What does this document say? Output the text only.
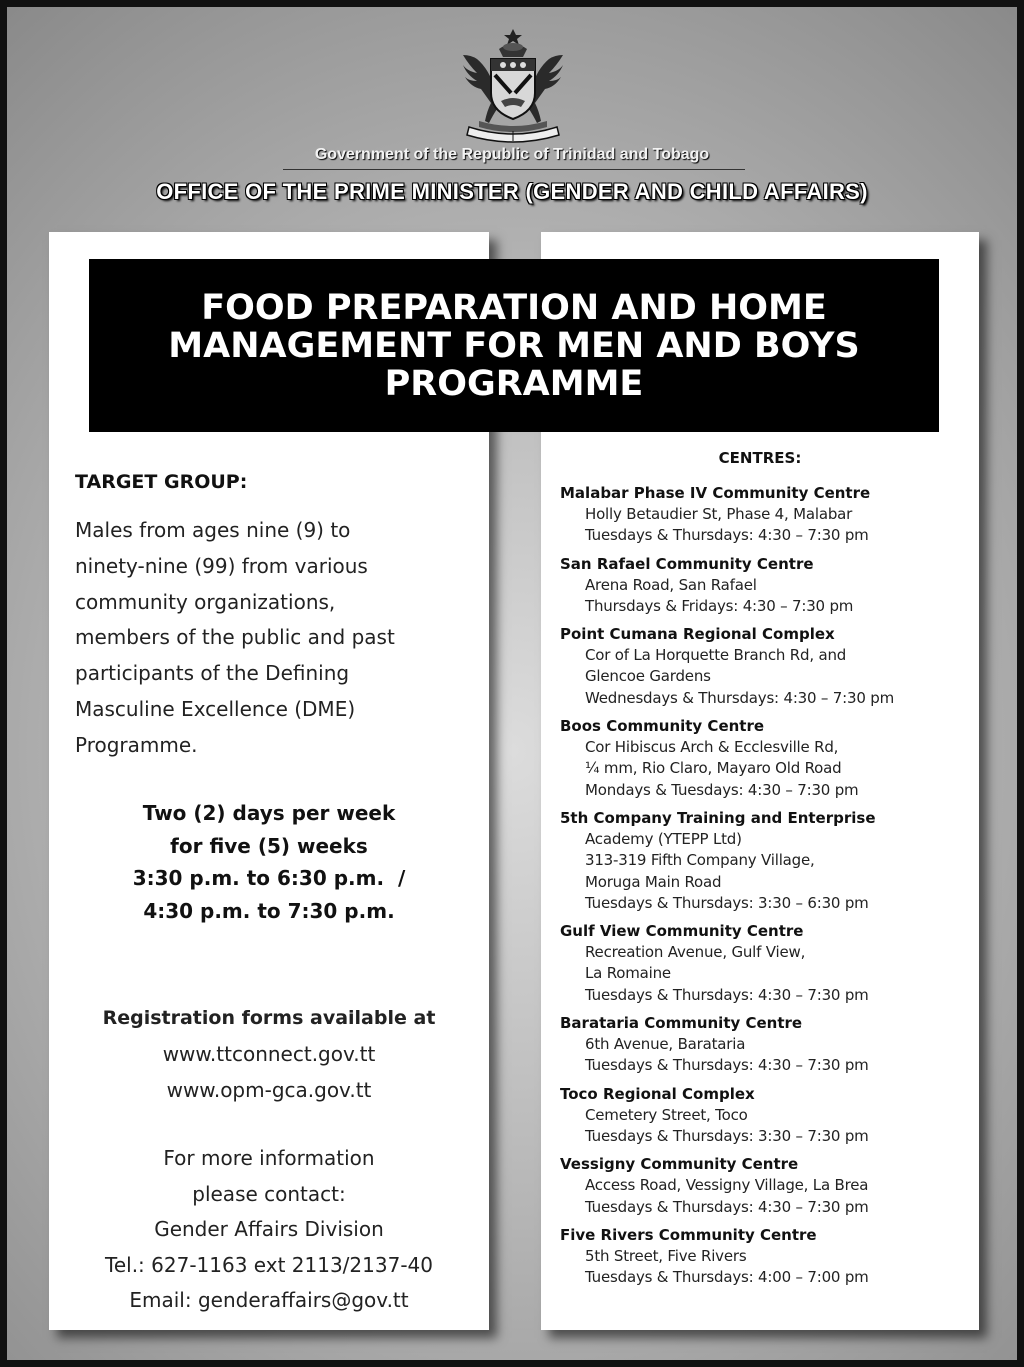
Government of the Republic of Trinidad and Tobago
OFFICE OF THE PRIME MINISTER (GENDER AND CHILD AFFAIRS)
FOOD PREPARATION AND HOME MANAGEMENT FOR MEN AND BOYS PROGRAMME
TARGET GROUP:
Males from ages nine (9) to
ninety-nine (99) from various
community organizations,
members of the public and past
participants of the Defining
Masculine Excellence (DME)
Programme.
Two (2) days per week
for five (5) weeks
3:30 p.m. to 6:30 p.m.  /
4:30 p.m. to 7:30 p.m.
Registration forms available at
www.ttconnect.gov.tt
www.opm-gca.gov.tt
For more information
please contact:
Gender Affairs Division
Tel.: 627-1163 ext 2113/2137-40
Email: genderaffairs@gov.tt
CENTRES:
Malabar Phase IV Community Centre
Holly Betaudier St, Phase 4, Malabar
Tuesdays & Thursdays: 4:30 – 7:30 pm
San Rafael Community Centre
Arena Road, San Rafael
Thursdays & Fridays: 4:30 – 7:30 pm
Point Cumana Regional Complex
Cor of La Horquette Branch Rd, and
Glencoe Gardens
Wednesdays & Thursdays: 4:30 – 7:30 pm
Boos Community Centre
Cor Hibiscus Arch & Ecclesville Rd,
¼ mm, Rio Claro, Mayaro Old Road
Mondays & Tuesdays: 4:30 – 7:30 pm
5th Company Training and Enterprise
Academy (YTEPP Ltd)
313-319 Fifth Company Village,
Moruga Main Road
Tuesdays & Thursdays: 3:30 – 6:30 pm
Gulf View Community Centre
Recreation Avenue, Gulf View,
La Romaine
Tuesdays & Thursdays: 4:30 – 7:30 pm
Barataria Community Centre
6th Avenue, Barataria
Tuesdays & Thursdays: 4:30 – 7:30 pm
Toco Regional Complex
Cemetery Street, Toco
Tuesdays & Thursdays: 3:30 – 7:30 pm
Vessigny Community Centre
Access Road, Vessigny Village, La Brea
Tuesdays & Thursdays: 4:30 – 7:30 pm
Five Rivers Community Centre
5th Street, Five Rivers
Tuesdays & Thursdays: 4:00 – 7:00 pm
